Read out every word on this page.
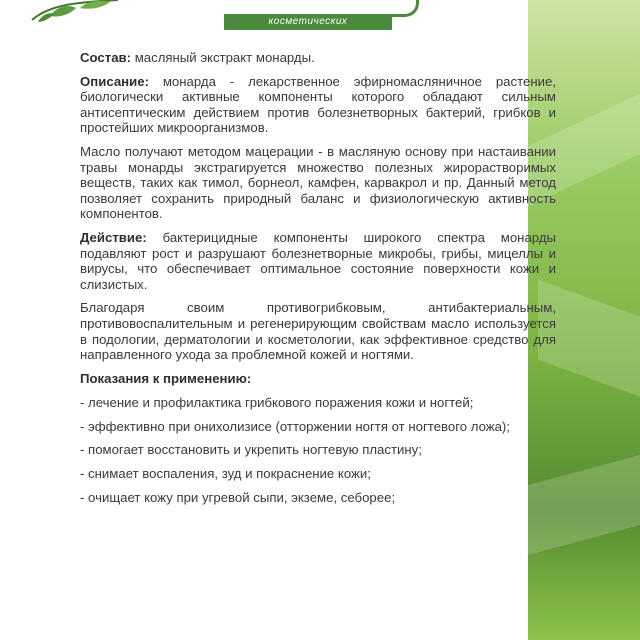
косметических

Состав: масляный экстракт монарды.

Описание: монарда - лекарственное эфирномасляничное растение, биологически активные компоненты которого обладают сильным антисептическим действием против болезнетворных бактерий, грибков и простейших микроорганизмов.

Масло получают методом мацерации - в масляную основу при настаивании травы монарды экстрагируется множество полезных жирорастворимых веществ, таких как тимол, борнеол, камфен, карвакрол и пр. Данный метод позволяет сохранить природный баланс и физиологическую активность компонентов.

Действие: бактерицидные компоненты широкого спектра монарды подавляют рост и разрушают болезнетворные микробы, грибы, мицеллы и вирусы, что обеспечивает оптимальное состояние поверхности кожи и слизистых.

Благодаря своим противогрибковым, антибактериальным, противовоспалительным и регенерирующим свойствам масло используется в подологии, дерматологии и косметологии, как эффективное средство для направленного ухода за проблемной кожей и ногтями.

Показания к применению:
- лечение и профилактика грибкового поражения кожи и ногтей;
- эффективно при онихолизисе (отторжении ногтя от ногтевого ложа);
- помогает восстановить и укрепить ногтевую пластину;
- снимает воспаления, зуд и покраснение кожи;
- очищает кожу при угревой сыпи, экземе, себорее;
